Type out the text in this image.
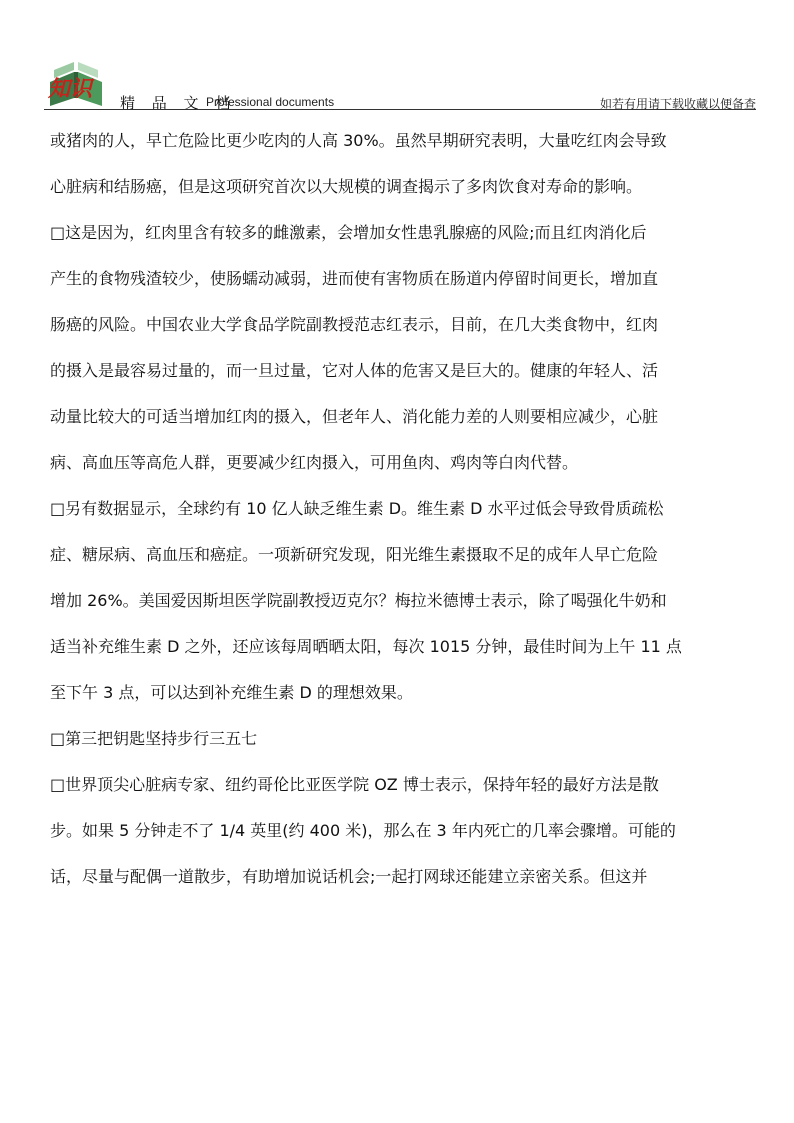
知识
精 品 文 档
Professional documents	如若有用请下载收藏以便备查
或猪肉的人，早亡危险比更少吃肉的人高 30%。虽然早期研究表明，大量吃红肉会导致
心脏病和结肠癌，但是这项研究首次以大规模的调查揭示了多肉饮食对寿命的影响。
□这是因为，红肉里含有较多的雌激素，会增加女性患乳腺癌的风险;而且红肉消化后
产生的食物残渣较少，使肠蠕动减弱，进而使有害物质在肠道内停留时间更长，增加直
肠癌的风险。中国农业大学食品学院副教授范志红表示，目前，在几大类食物中，红肉
的摄入是最容易过量的，而一旦过量，它对人体的危害又是巨大的。健康的年轻人、活
动量比较大的可适当增加红肉的摄入，但老年人、消化能力差的人则要相应减少，心脏
病、高血压等高危人群，更要减少红肉摄入，可用鱼肉、鸡肉等白肉代替。
□另有数据显示，全球约有 10 亿人缺乏维生素 D。维生素 D 水平过低会导致骨质疏松
症、糖尿病、高血压和癌症。一项新研究发现，阳光维生素摄取不足的成年人早亡危险
增加 26%。美国爱因斯坦医学院副教授迈克尔？梅拉米德博士表示，除了喝强化牛奶和
适当补充维生素 D 之外，还应该每周晒晒太阳，每次 1015 分钟，最佳时间为上午 11 点
至下午 3 点，可以达到补充维生素 D 的理想效果。
□第三把钥匙坚持步行三五七
□世界顶尖心脏病专家、纽约哥伦比亚医学院 OZ 博士表示，保持年轻的最好方法是散
步。如果 5 分钟走不了 1/4 英里(约 400 米)，那么在 3 年内死亡的几率会骤增。可能的
话，尽量与配偶一道散步，有助增加说话机会;一起打网球还能建立亲密关系。但这并
